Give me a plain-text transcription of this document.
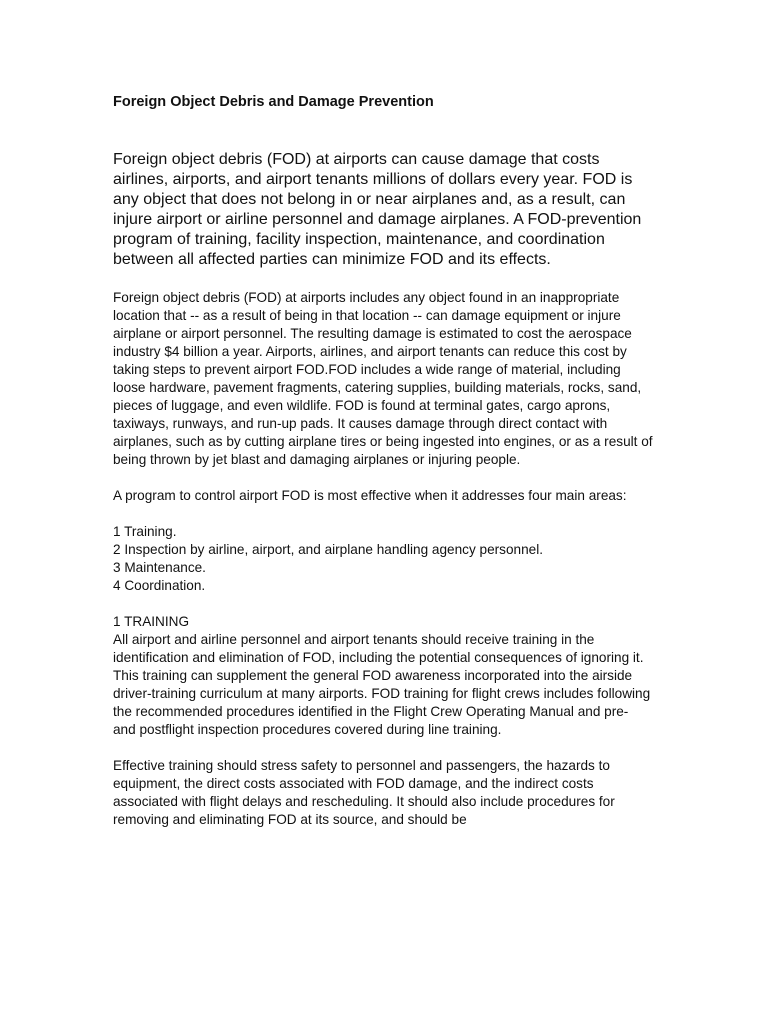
Foreign Object Debris and Damage Prevention

Foreign object debris (FOD) at airports can cause damage that costs airlines, airports, and airport tenants millions of dollars every year. FOD is any object that does not belong in or near airplanes and, as a result, can injure airport or airline personnel and damage airplanes. A FOD-prevention program of training, facility inspection, maintenance, and coordination between all affected parties can minimize FOD and its effects.

Foreign object debris (FOD) at airports includes any object found in an inappropriate location that -- as a result of being in that location -- can damage equipment or injure airplane or airport personnel. The resulting damage is estimated to cost the aerospace industry $4 billion a year. Airports, airlines, and airport tenants can reduce this cost by taking steps to prevent airport FOD.FOD includes a wide range of material, including loose hardware, pavement fragments, catering supplies, building materials, rocks, sand, pieces of luggage, and even wildlife. FOD is found at terminal gates, cargo aprons, taxiways, runways, and run-up pads. It causes damage through direct contact with airplanes, such as by cutting airplane tires or being ingested into engines, or as a result of being thrown by jet blast and damaging airplanes or injuring people.

A program to control airport FOD is most effective when it addresses four main areas:

1 Training.
2 Inspection by airline, airport, and airplane handling agency personnel.
3 Maintenance.
4 Coordination.
1 TRAINING

All airport and airline personnel and airport tenants should receive training in the identification and elimination of FOD, including the potential consequences of ignoring it. This training can supplement the general FOD awareness incorporated into the airside driver-training curriculum at many airports. FOD training for flight crews includes following the recommended procedures identified in the Flight Crew Operating Manual and pre- and postflight inspection procedures covered during line training.

Effective training should stress safety to personnel and passengers, the hazards to equipment, the direct costs associated with FOD damage, and the indirect costs associated with flight delays and rescheduling. It should also include procedures for removing and eliminating FOD at its source, and should be
